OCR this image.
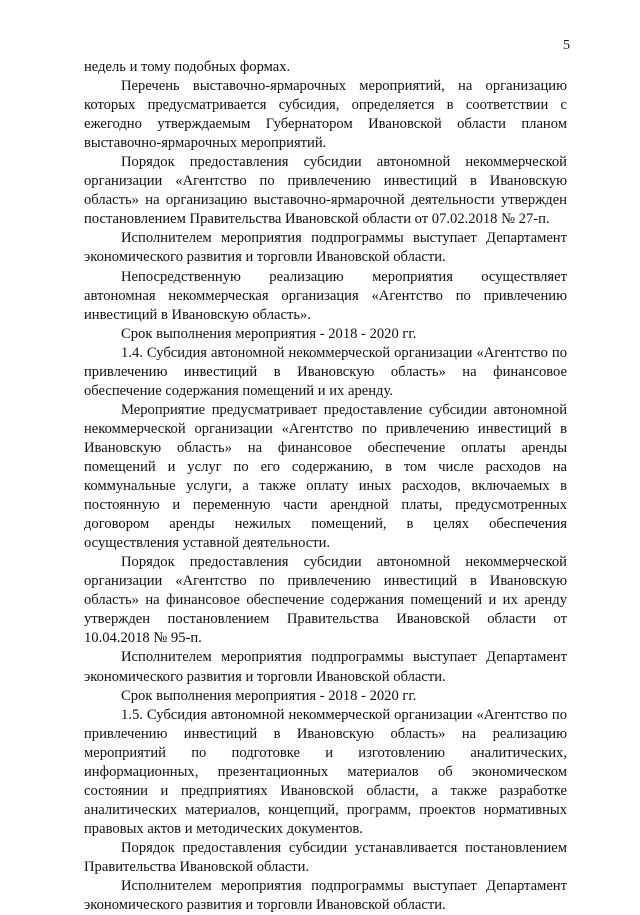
5

недель и тому подобных формах.

Перечень выставочно-ярмарочных мероприятий, на организацию которых предусматривается субсидия, определяется в соответствии с ежегодно утверждаемым Губернатором Ивановской области планом выставочно-ярмарочных мероприятий.

Порядок предоставления субсидии автономной некоммерческой организации «Агентство по привлечению инвестиций в Ивановскую область» на организацию выставочно-ярмарочной деятельности утвержден постановлением Правительства Ивановской области от 07.02.2018 № 27-п.

Исполнителем мероприятия подпрограммы выступает Департамент экономического развития и торговли Ивановской области.

Непосредственную реализацию мероприятия осуществляет автономная некоммерческая организация «Агентство по привлечению инвестиций в Ивановскую область».

Срок выполнения мероприятия - 2018 - 2020 гг.

1.4. Субсидия автономной некоммерческой организации «Агентство по привлечению инвестиций в Ивановскую область» на финансовое обеспечение содержания помещений и их аренду.

Мероприятие предусматривает предоставление субсидии автономной некоммерческой организации «Агентство по привлечению инвестиций в Ивановскую область» на финансовое обеспечение оплаты аренды помещений и услуг по его содержанию, в том числе расходов на коммунальные услуги, а также оплату иных расходов, включаемых в постоянную и переменную части арендной платы, предусмотренных договором аренды нежилых помещений, в целях обеспечения осуществления уставной деятельности.

Порядок предоставления субсидии автономной некоммерческой организации «Агентство по привлечению инвестиций в Ивановскую область» на финансовое обеспечение содержания помещений и их аренду утвержден постановлением Правительства Ивановской области от 10.04.2018 № 95-п.

Исполнителем мероприятия подпрограммы выступает Департамент экономического развития и торговли Ивановской области.

Срок выполнения мероприятия - 2018 - 2020 гг.

1.5. Субсидия автономной некоммерческой организации «Агентство по привлечению инвестиций в Ивановскую область» на реализацию мероприятий по подготовке и изготовлению аналитических, информационных, презентационных материалов об экономическом состоянии и предприятиях Ивановской области, а также разработке аналитических материалов, концепций, программ, проектов нормативных правовых актов и методических документов.

Порядок предоставления субсидии устанавливается постановлением Правительства Ивановской области.

Исполнителем мероприятия подпрограммы выступает Департамент экономического развития и торговли Ивановской области.
